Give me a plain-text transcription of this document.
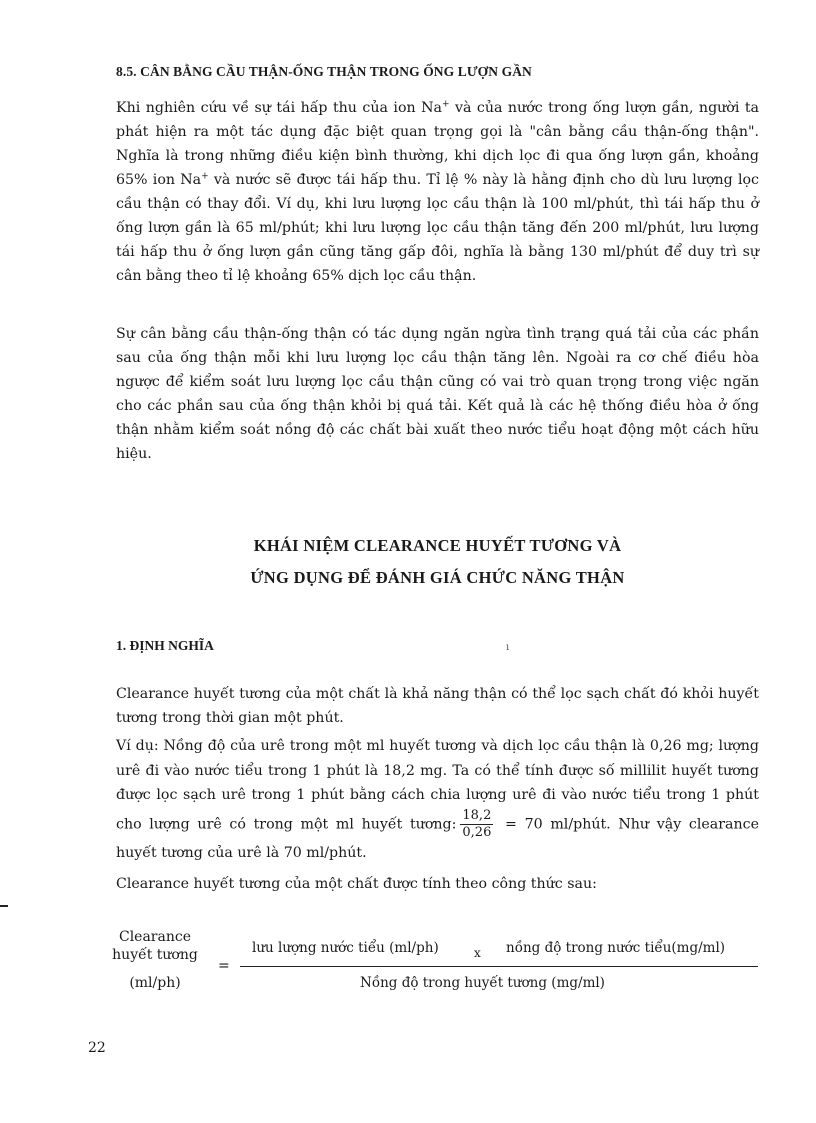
8.5. CÂN BẰNG CẦU THẬN-ỐNG THẬN TRONG ỐNG LƯỢN GẦN

Khi nghiên cứu về sự tái hấp thu của ion Na+ và của nước trong ống lượn gần, người ta phát hiện ra một tác dụng đặc biệt quan trọng gọi là "cân bằng cầu thận-ống thận". Nghĩa là trong những điều kiện bình thường, khi dịch lọc đi qua ống lượn gần, khoảng 65% ion Na+ và nước sẽ được tái hấp thu. Tỉ lệ % này là hằng định cho dù lưu lượng lọc cầu thận có thay đổi. Ví dụ, khi lưu lượng lọc cầu thận là 100 ml/phút, thì tái hấp thu ở ống lượn gần là 65 ml/phút; khi lưu lượng lọc cầu thận tăng đến 200 ml/phút, lưu lượng tái hấp thu ở ống lượn gần cũng tăng gấp đôi, nghĩa là bằng 130 ml/phút để duy trì sự cân bằng theo tỉ lệ khoảng 65% dịch lọc cầu thận.

Sự cân bằng cầu thận-ống thận có tác dụng ngăn ngừa tình trạng quá tải của các phần sau của ống thận mỗi khi lưu lượng lọc cầu thận tăng lên. Ngoài ra cơ chế điều hòa ngược để kiểm soát lưu lượng lọc cầu thận cũng có vai trò quan trọng trong việc ngăn cho các phần sau của ống thận khỏi bị quá tải. Kết quả là các hệ thống điều hòa ở ống thận nhằm kiểm soát nồng độ các chất bài xuất theo nước tiểu hoạt động một cách hữu hiệu.

KHÁI NIỆM CLEARANCE HUYẾT TƯƠNG VÀ
ỨNG DỤNG ĐỂ ĐÁNH GIÁ CHỨC NĂNG THẬN
1. ĐỊNH NGHĨA	ı

Clearance huyết tương của một chất là khả năng thận có thể lọc sạch chất đó khỏi huyết tương trong thời gian một phút.

Ví dụ: Nồng độ của urê trong một ml huyết tương và dịch lọc cầu thận là 0,26 mg; lượng urê đi vào nước tiểu trong 1 phút là 18,2 mg. Ta có thể tính được số millilit huyết tương được lọc sạch urê trong 1 phút bằng cách chia lượng urê đi vào nước tiểu trong 1 phút cho lượng urê có trong một ml huyết tương: $\frac{18,2}{0,26} = 70$ ml/phút. Như vậy clearance huyết tương của urê là 70 ml/phút.

Clearance huyết tương của một chất được tính theo công thức sau:

Clearance
huyết tương
(ml/ph)
=
lưu lượng nước tiểu (ml/ph)	x nồng độ trong nước tiểu(mg/ml)
Nồng độ trong huyết tương (mg/ml)
22
